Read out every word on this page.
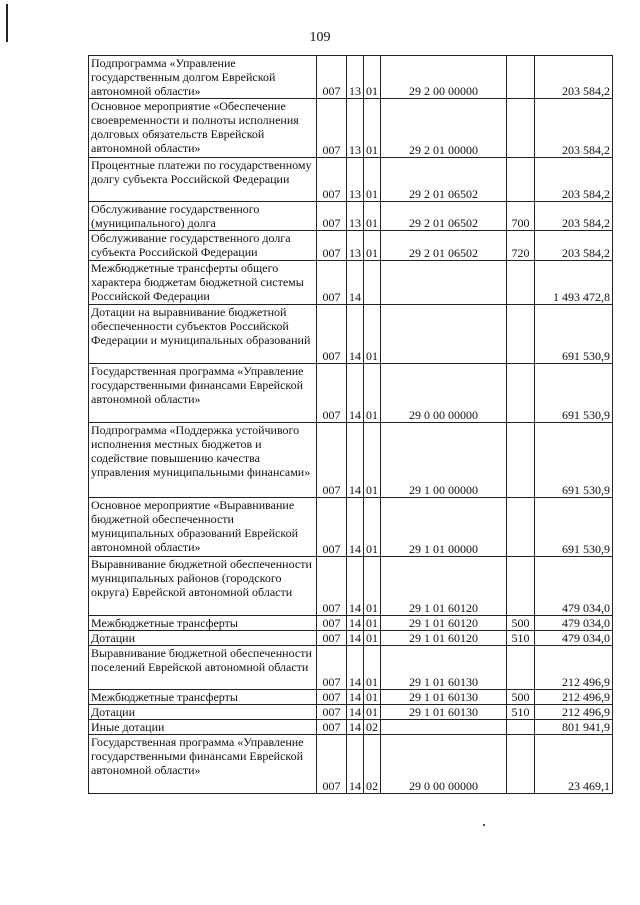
109
Подпрограмма «Управление государственным долгом Еврейской автономной области»	007	13	01	29 2 00 00000		203 584,2
Основное мероприятие «Обеспечение своевременности и полноты исполнения долговых обязательств Еврейской автономной области»	007	13	01	29 2 01 00000		203 584,2
Процентные платежи по государственному долгу субъекта Российской Федерации	007	13	01	29 2 01 06502		203 584,2
Обслуживание государственного (муниципального) долга	007	13	01	29 2 01 06502	700	203 584,2
Обслуживание государственного долга субъекта Российской Федерации	007	13	01	29 2 01 06502	720	203 584,2
Межбюджетные трансферты общего характера бюджетам бюджетной системы Российской Федерации	007	14				1 493 472,8
Дотации на выравнивание бюджетной обеспеченности субъектов Российской Федерации и муниципальных образований	007	14	01			691 530,9
Государственная программа «Управление государственными финансами Еврейской автономной области»	007	14	01	29 0 00 00000		691 530,9
Подпрограмма «Поддержка устойчивого исполнения местных бюджетов и содействие повышению качества управления муниципальными финансами»	007	14	01	29 1 00 00000		691 530,9
Основное мероприятие «Выравнивание бюджетной обеспеченности муниципальных образований Еврейской автономной области»	007	14	01	29 1 01 00000		691 530,9
Выравнивание бюджетной обеспеченности муниципальных районов (городского округа) Еврейской автономной области	007	14	01	29 1 01 60120		479 034,0
Межбюджетные трансферты	007	14	01	29 1 01 60120	500	479 034,0
Дотации	007	14	01	29 1 01 60120	510	479 034,0
Выравнивание бюджетной обеспеченности поселений Еврейской автономной области	007	14	01	29 1 01 60130		212 496,9
Межбюджетные трансферты	007	14	01	29 1 01 60130	500	212 496,9
Дотации	007	14	01	29 1 01 60130	510	212 496,9
Иные дотации	007	14	02			801 941,9
Государственная программа «Управление государственными финансами Еврейской автономной области»	007	14	02	29 0 00 00000		23 469,1
